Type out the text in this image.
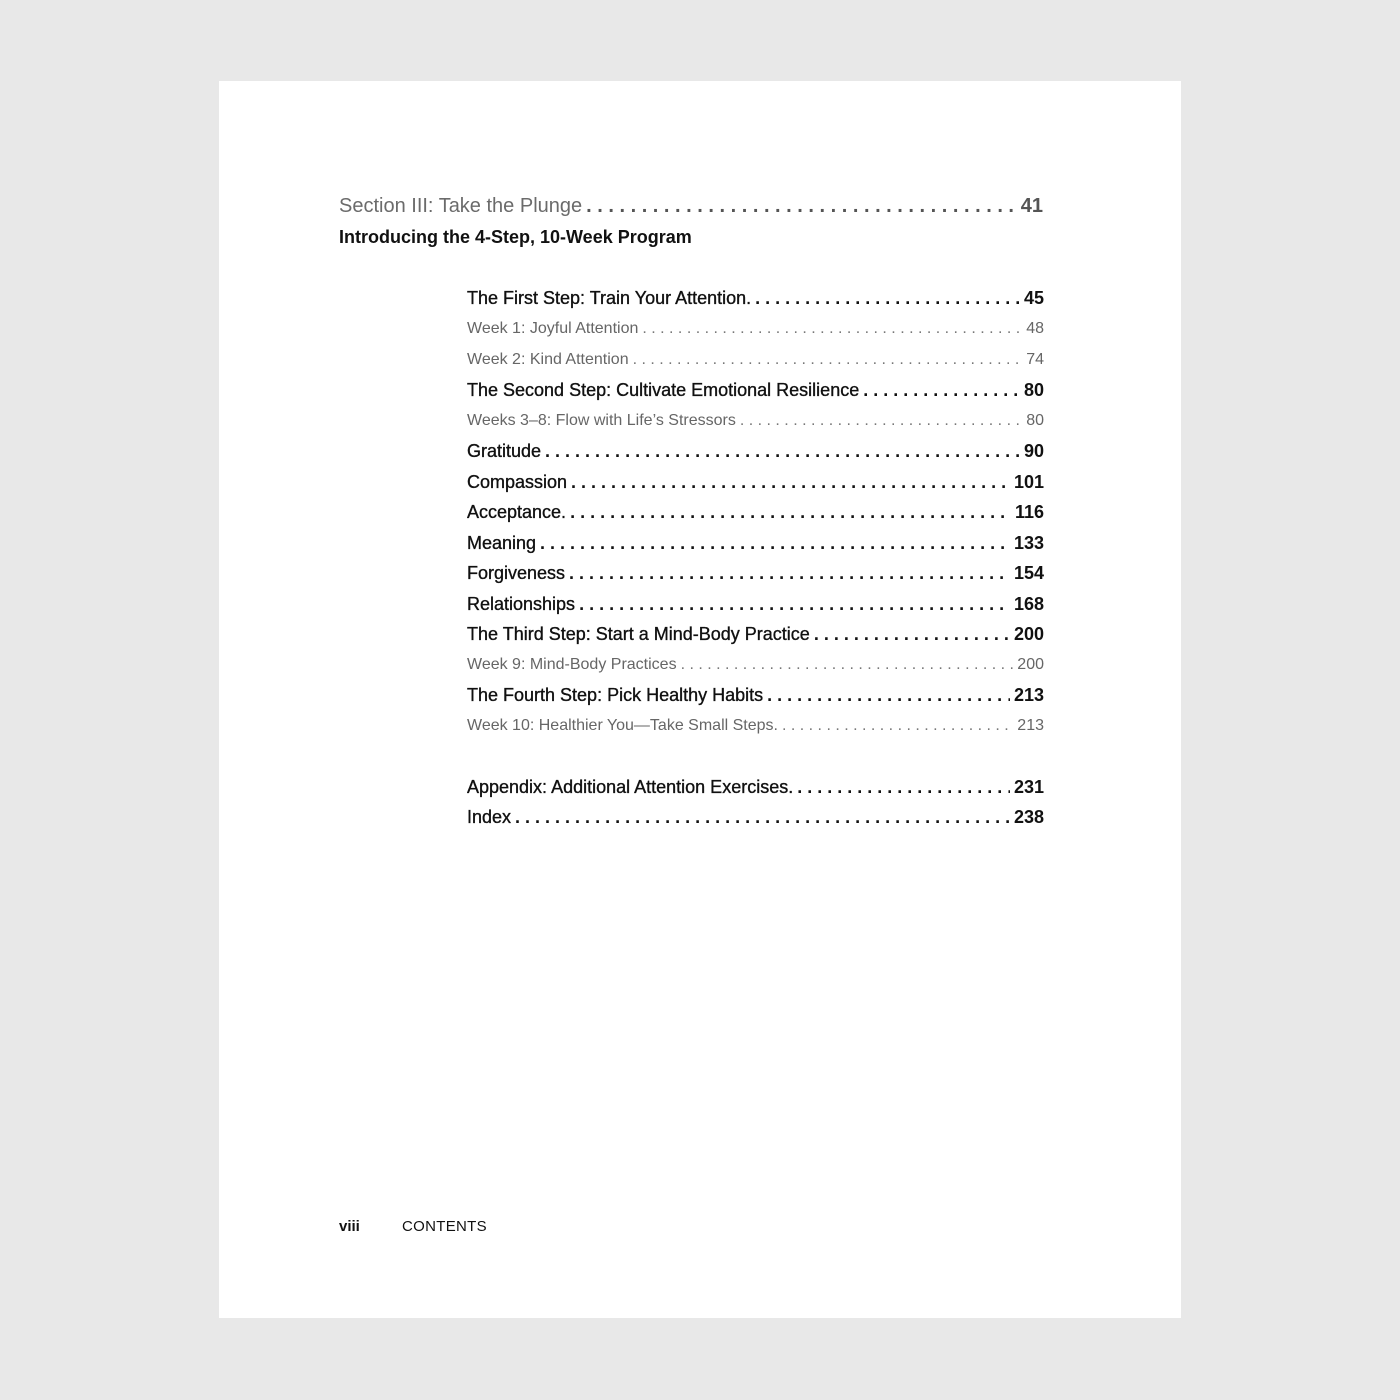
Section III: Take the Plunge . . .	41
Introducing the 4-Step, 10-Week Program
The First Step: Train Your Attention. . . .	45
Week 1: Joyful Attention . . .	48
Week 2: Kind Attention . . .	74
The Second Step: Cultivate Emotional Resilience . . .	80
Weeks 3–8: Flow with Life’s Stressors . . .	80
Gratitude . . .	90
Compassion . . .	101
Acceptance. . . .	116
Meaning . . .	133
Forgiveness . . .	154
Relationships . . .	168
The Third Step: Start a Mind-Body Practice . . .	200
Week 9: Mind-Body Practices . . .	200
The Fourth Step: Pick Healthy Habits . . .	213
Week 10: Healthier You—Take Small Steps. . . .	213
Appendix: Additional Attention Exercises. . . .	231
Index . . .	238
viii	CONTENTS
